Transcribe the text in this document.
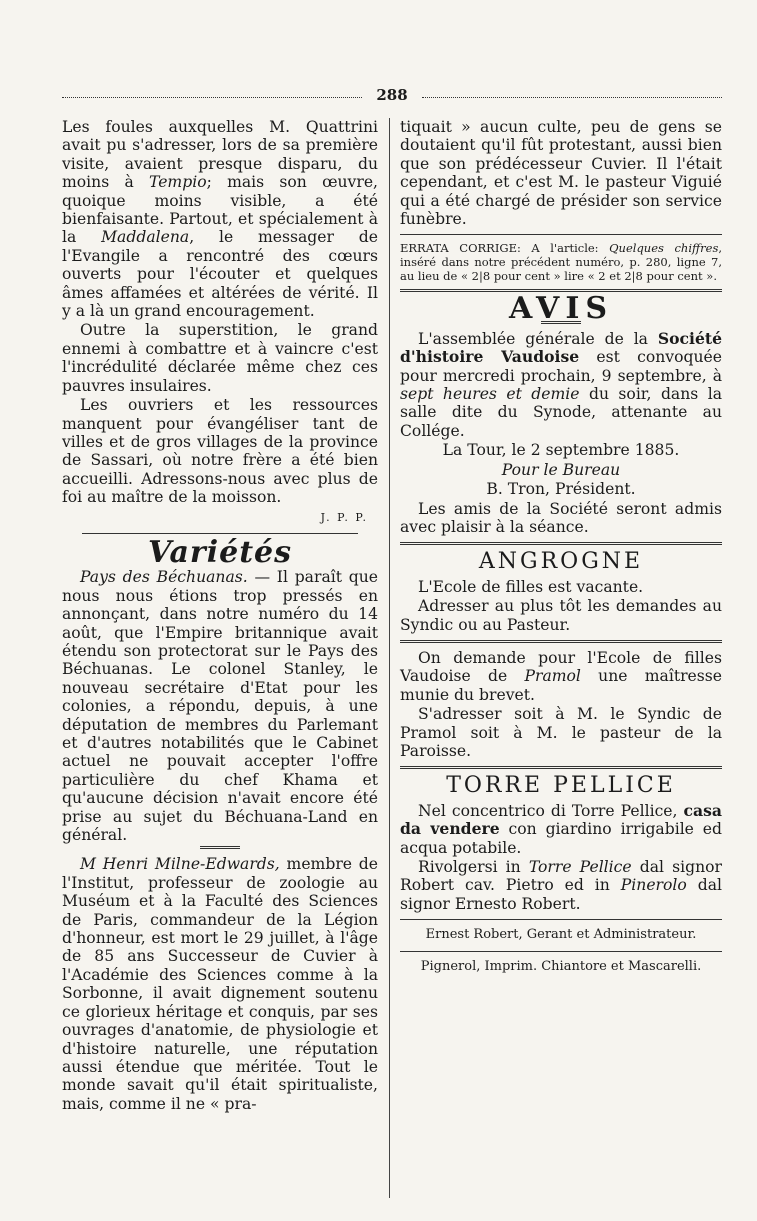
288

Les foules auxquelles M. Quattrini avait pu s'adresser, lors de sa première visite, avaient presque disparu, du moins à Tempio; mais son œuvre, quoique moins visible, a été bienfaisante. Partout, et spécialement à la Maddalena, le messager de l'Evangile a rencontré des cœurs ouverts pour l'écouter et quelques âmes affamées et altérées de vérité. Il y a là un grand encouragement.

Outre la superstition, le grand ennemi à combattre et à vaincre c'est l'incrédulité déclarée même chez ces pauvres insulaires.

Les ouvriers et les ressources manquent pour évangéliser tant de villes et de gros villages de la province de Sassari, où notre frère a été bien accueilli. Adressons-nous avec plus de foi au maître de la moisson.

J. P. P.

Variétés

Pays des Béchuanas. — Il paraît que nous nous étions trop pressés en annonçant, dans notre numéro du 14 août, que l'Empire britannique avait étendu son protectorat sur le Pays des Béchuanas. Le colonel Stanley, le nouveau secrétaire d'Etat pour les colonies, a répondu, depuis, à une députation de membres du Parlemant et d'autres notabilités que le Cabinet actuel ne pouvait accepter l'offre particulière du chef Khama et qu'aucune décision n'avait encore été prise au sujet du Béchuana-Land en général.

M Henri Milne-Edwards, membre de l'Institut, professeur de zoologie au Muséum et à la Faculté des Sciences de Paris, commandeur de la Légion d'honneur, est mort le 29 juillet, à l'âge de 85 ans Successeur de Cuvier à l'Académie des Sciences comme à la Sorbonne, il avait dignement soutenu ce glorieux héritage et conquis, par ses ouvrages d'anatomie, de physiologie et d'histoire naturelle, une réputation aussi étendue que méritée. Tout le monde savait qu'il était spiritualiste, mais, comme il ne « pra-

tiquait » aucun culte, peu de gens se doutaient qu'il fût protestant, aussi bien que son prédécesseur Cuvier. Il l'était cependant, et c'est M. le pasteur Viguié qui a été chargé de présider son service funèbre.

ERRATA CORRIGE: A l'article: Quelques chiffres, inséré dans notre précédent numéro, p. 280, ligne 7, au lieu de « 2|8 pour cent » lire « 2 et 2|8 pour cent ».

AVIS

L'assemblée générale de la Société d'histoire Vaudoise est convoquée pour mercredi prochain, 9 septembre, à sept heures et demie du soir, dans la salle dite du Synode, attenante au Collége.

La Tour, le 2 septembre 1885.

Pour le Bureau

B. Tron, Président.

Les amis de la Société seront admis avec plaisir à la séance.

ANGROGNE

L'Ecole de filles est vacante.

Adresser au plus tôt les demandes au Syndic ou au Pasteur.

On demande pour l'Ecole de filles Vaudoise de Pramol une maîtresse munie du brevet.

S'adresser soit à M. le Syndic de Pramol soit à M. le pasteur de la Paroisse.

TORRE PELLICE

Nel concentrico di Torre Pellice, casa da vendere con giardino irrigabile ed acqua potabile.

Rivolgersi in Torre Pellice dal signor Robert cav. Pietro ed in Pinerolo dal signor Ernesto Robert.

Ernest Robert, Gerant et Administrateur.

Pignerol, Imprim. Chiantore et Mascarelli.
